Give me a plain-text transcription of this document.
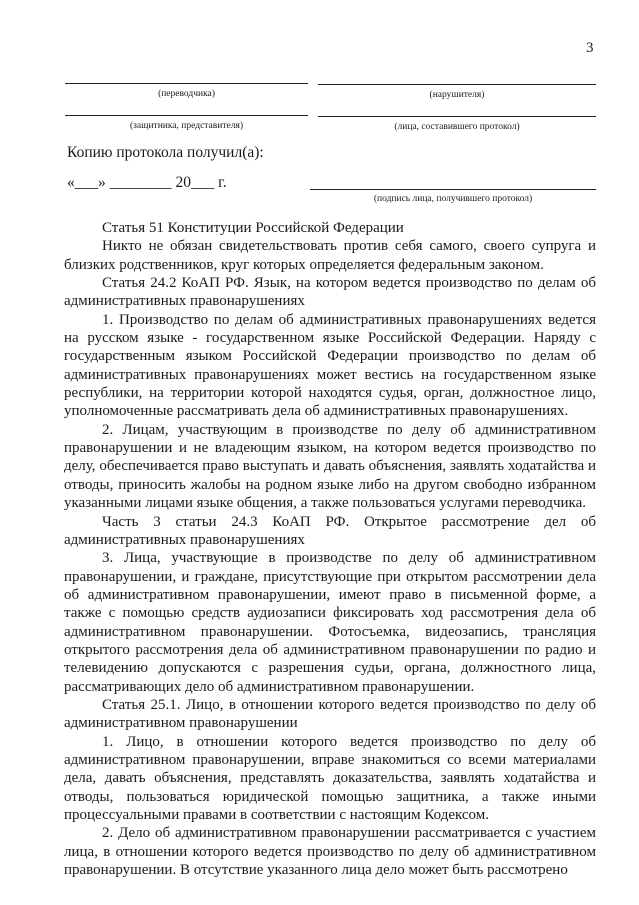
3
(переводчика)	(нарушителя)
(защитника, представителя)	(лица, составившего протокол)
Копию протокола получил(а):
«___» ________ 20___ г.
(подпись лица, получившего протокол)

Статья 51 Конституции Российской Федерации

Никто не обязан свидетельствовать против себя самого, своего супруга и близких родственников, круг которых определяется федеральным законом.

Статья 24.2 КоАП РФ. Язык, на котором ведется производство по делам об административных правонарушениях

1. Производство по делам об административных правонарушениях ведется на русском языке - государственном языке Российской Федерации. Наряду с государственным языком Российской Федерации производство по делам об административных правонарушениях может вестись на государственном языке республики, на территории которой находятся судья, орган, должностное лицо, уполномоченные рассматривать дела об административных правонарушениях.

2. Лицам, участвующим в производстве по делу об административном правонарушении и не владеющим языком, на котором ведется производство по делу, обеспечивается право выступать и давать объяснения, заявлять ходатайства и отводы, приносить жалобы на родном языке либо на другом свободно избранном указанными лицами языке общения, а также пользоваться услугами переводчика.

Часть 3 статьи 24.3 КоАП РФ. Открытое рассмотрение дел об административных правонарушениях

3. Лица, участвующие в производстве по делу об административном правонарушении, и граждане, присутствующие при открытом рассмотрении дела об административном правонарушении, имеют право в письменной форме, а также с помощью средств аудиозаписи фиксировать ход рассмотрения дела об административном правонарушении. Фотосъемка, видеозапись, трансляция открытого рассмотрения дела об административном правонарушении по радио и телевидению допускаются с разрешения судьи, органа, должностного лица, рассматривающих дело об административном правонарушении.

Статья 25.1. Лицо, в отношении которого ведется производство по делу об административном правонарушении

1. Лицо, в отношении которого ведется производство по делу об административном правонарушении, вправе знакомиться со всеми материалами дела, давать объяснения, представлять доказательства, заявлять ходатайства и отводы, пользоваться юридической помощью защитника, а также иными процессуальными правами в соответствии с настоящим Кодексом.

2. Дело об административном правонарушении рассматривается с участием лица, в отношении которого ведется производство по делу об административном правонарушении. В отсутствие указанного лица дело может быть рассмотрено
